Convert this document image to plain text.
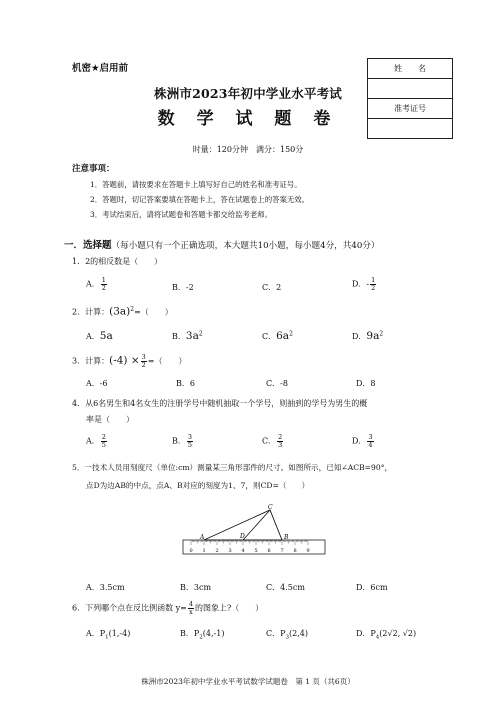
机密★启用前
株洲市2023年初中学业水平考试
数 学 试 题 卷
时量：120分钟　满分：150分
姓　　名

准考证号

注意事项：
1．答题前，请按要求在答题卡上填写好自己的姓名和准考证号。
2．答题时，切记答案要填在答题卡上，答在试题卷上的答案无效。
3．考试结束后，请将试题卷和答题卡都交给监考老师。
一．选择题（每小题只有一个正确选项，本大题共10小题，每小题4分，共40分）
1．2的相反数是（　　）
A． $\frac{1}{2}$	B．-2	C．2	D．- $\frac{1}{2}$
2．计算：$(3a)^2=$（　　）
A．5a	B．$3a^2$	C．$6a^2$	D．$9a^2$
3．计算：$(-4) \times \frac{3}{2}$ =（　　）
A．-6	B．6	C．-8	D．8
4．从6名男生和4名女生的注册学号中随机抽取一个学号，则抽到的学号为男生的概
率是（　　）
A． $\frac{2}{5}$	B． $\frac{3}{5}$	C． $\frac{2}{3}$	D． $\frac{3}{4}$
5．一技术人员用刻度尺（单位:cm）测量某三角形部件的尺寸。如图所示，已知∠ACB=90°，
点D为边AB的中点，点A、B对应的刻度为1、7，则CD=（　　）
0 1 2 3 4 5 6 7 8 9
A	B
C
D
A．3.5cm	B．3cm	C．4.5cm	D．6cm
6．下列哪个点在反比例函数 $y= \frac{4}{x}$ 的图象上?（　　）
A．$P_1(1,-4)$	B．$P_2(4,-1)$	C．$P_3(2,4)$	D．$P_4(2√2$, √2)
株洲市2023年初中学业水平考试数学试题卷　第 1 页（共6页）
